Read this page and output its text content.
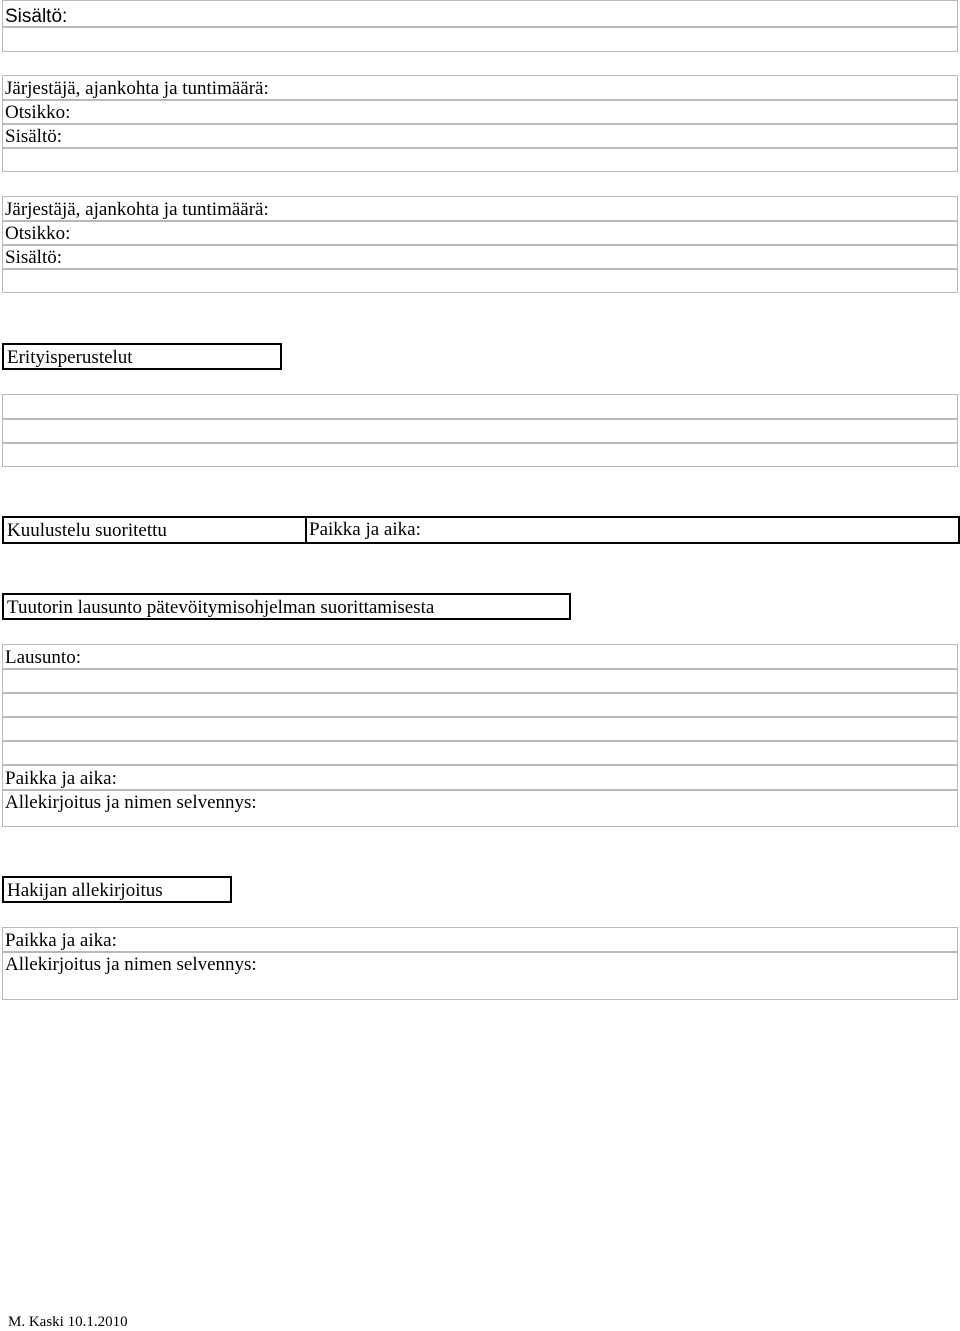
Sisältö:
Järjestäjä, ajankohta ja tuntimäärä:
Otsikko:
Sisältö:
Järjestäjä, ajankohta ja tuntimäärä:
Otsikko:
Sisältö:
Erityisperustelut
Kuulustelu suoritettu	Paikka ja aika:
Tuutorin lausunto pätevöitymisohjelman suorittamisesta
Lausunto:
Paikka ja aika:
Allekirjoitus ja nimen selvennys:
Hakijan allekirjoitus
Paikka ja aika:
Allekirjoitus ja nimen selvennys:
M. Kaski 10.1.2010
